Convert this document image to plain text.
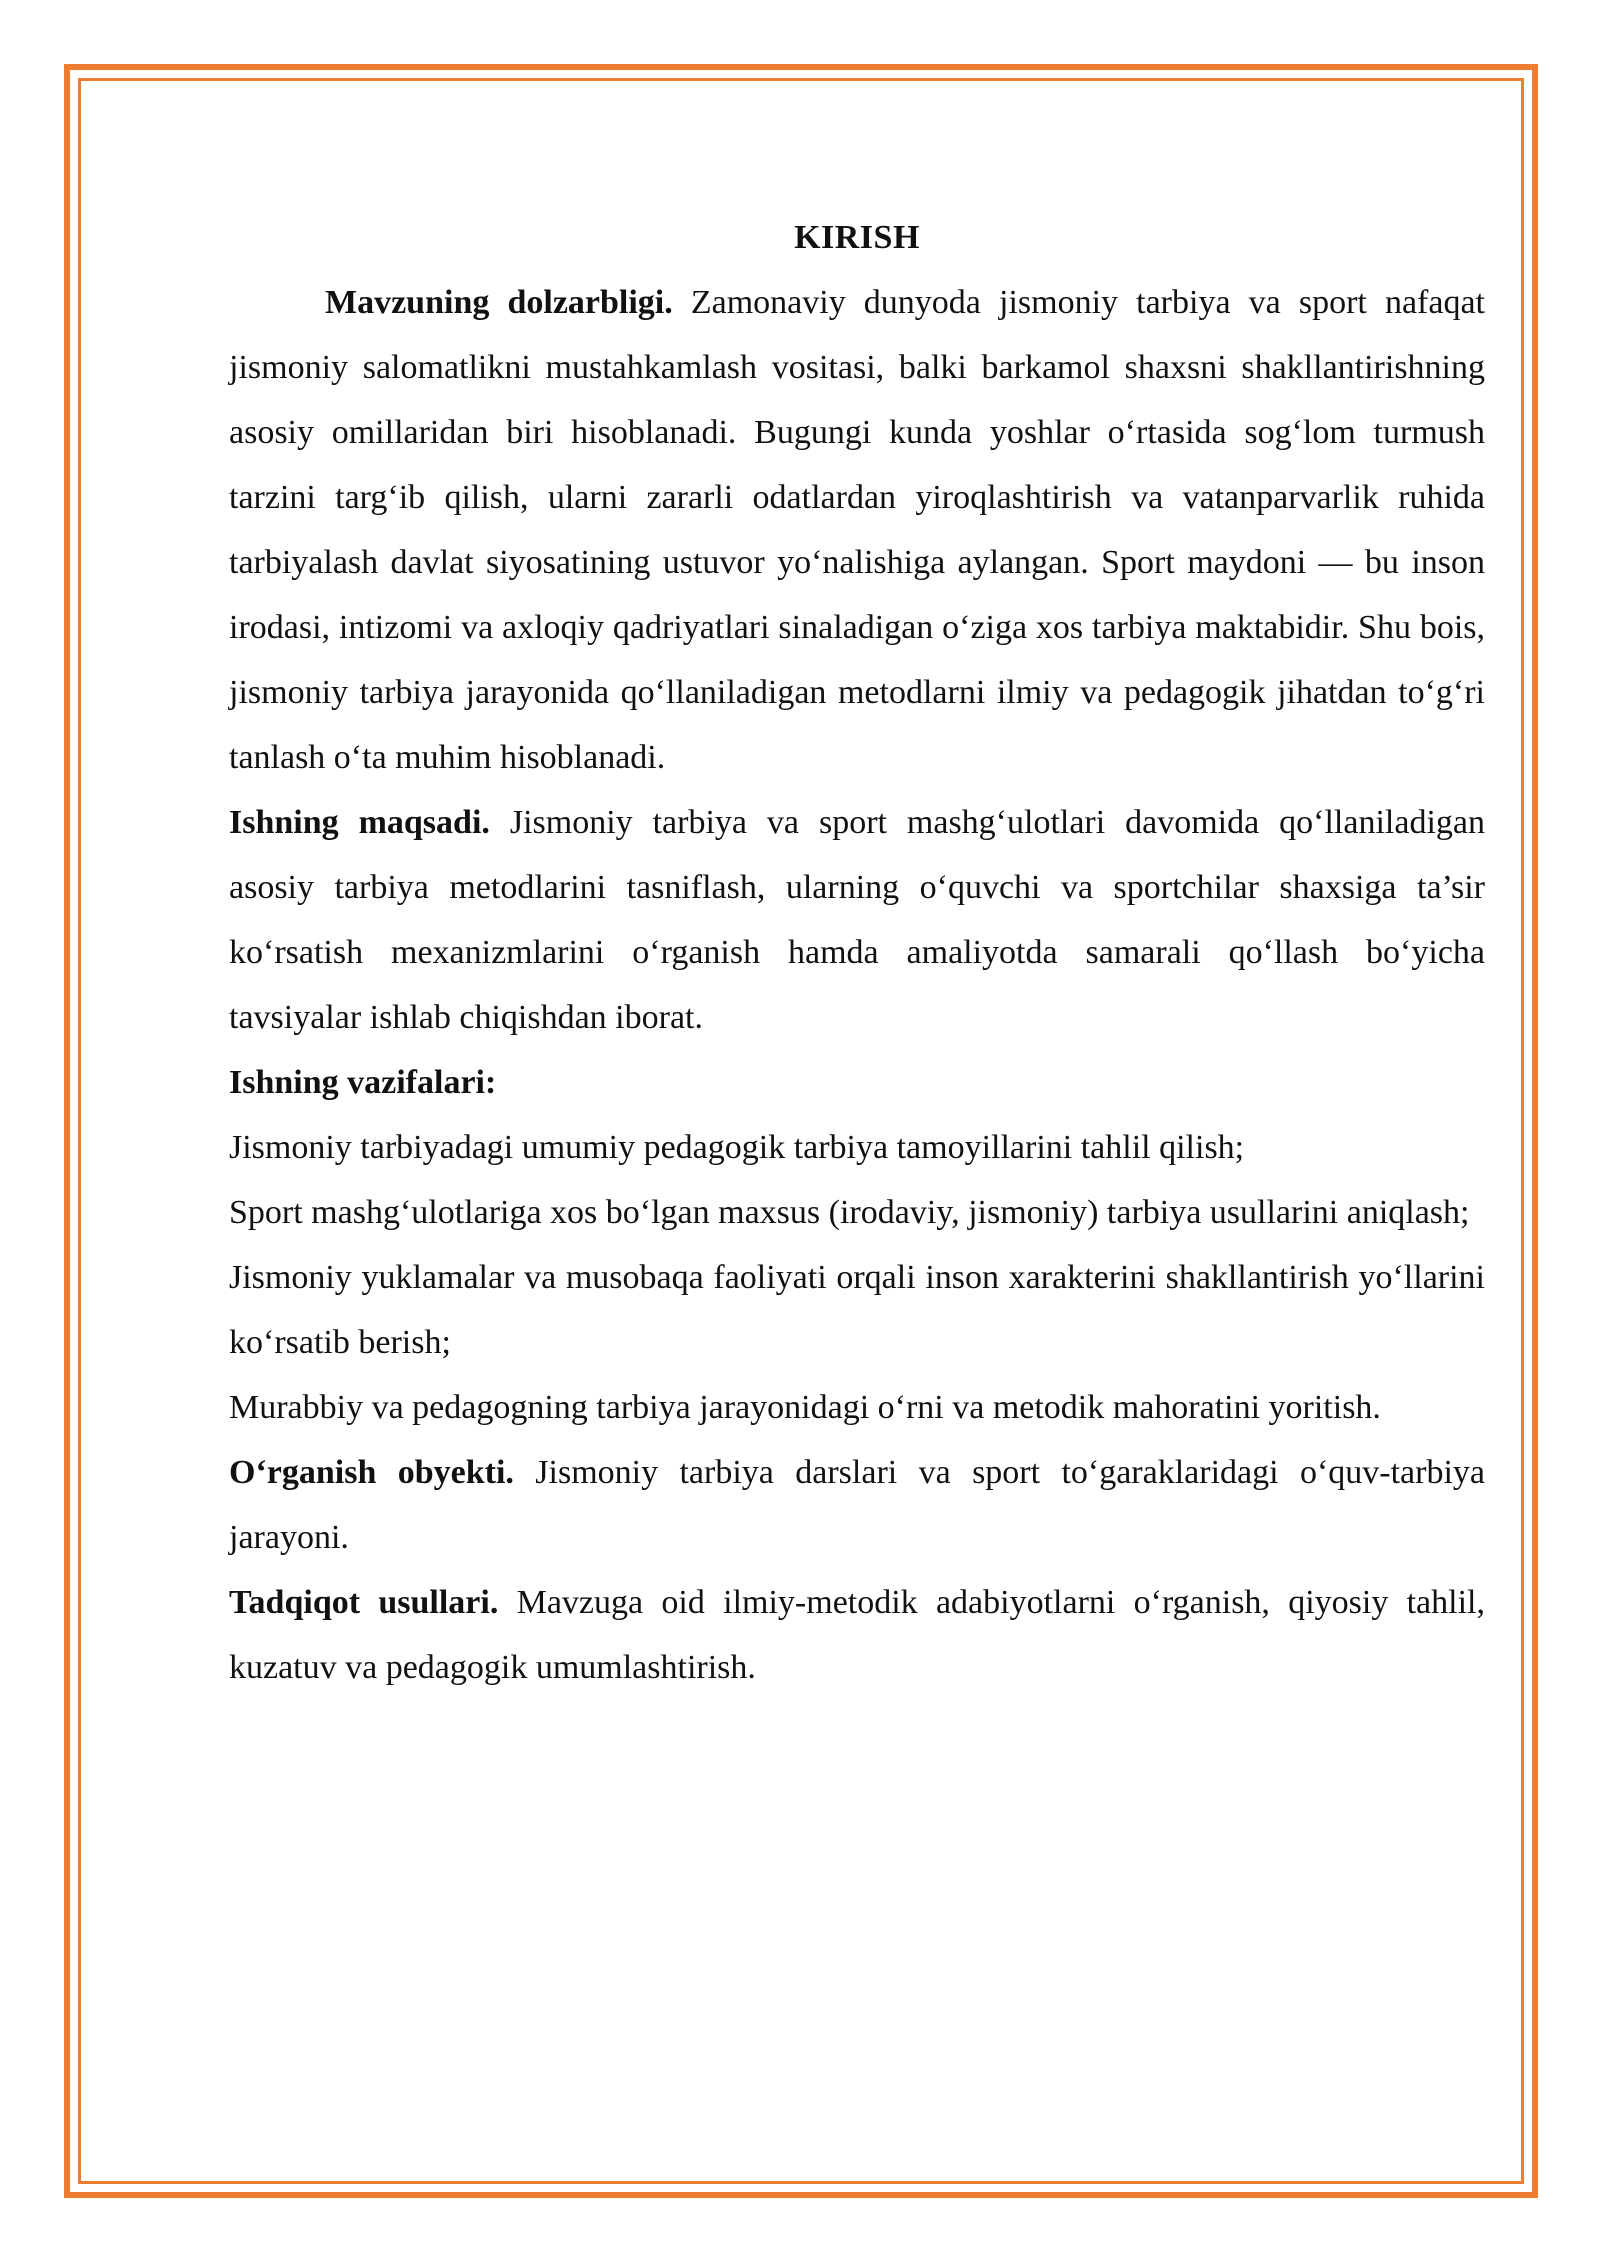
KIRISH

Mavzuning dolzarbligi. Zamonaviy dunyoda jismoniy tarbiya va sport nafaqat jismoniy salomatlikni mustahkamlash vositasi, balki barkamol shaxsni shakllantirishning asosiy omillaridan biri hisoblanadi. Bugungi kunda yoshlar o‘rtasida sog‘lom turmush tarzini targ‘ib qilish, ularni zararli odatlardan yiroqlashtirish va vatanparvarlik ruhida tarbiyalash davlat siyosatining ustuvor yo‘nalishiga aylangan. Sport maydoni — bu inson irodasi, intizomi va axloqiy qadriyatlari sinaladigan o‘ziga xos tarbiya maktabidir. Shu bois, jismoniy tarbiya jarayonida qo‘llaniladigan metodlarni ilmiy va pedagogik jihatdan to‘g‘ri tanlash o‘ta muhim hisoblanadi.

Ishning maqsadi. Jismoniy tarbiya va sport mashg‘ulotlari davomida qo‘llaniladigan asosiy tarbiya metodlarini tasniflash, ularning o‘quvchi va sportchilar shaxsiga ta’sir ko‘rsatish mexanizmlarini o‘rganish hamda amaliyotda samarali qo‘llash bo‘yicha tavsiyalar ishlab chiqishdan iborat.

Ishning vazifalari:

Jismoniy tarbiyadagi umumiy pedagogik tarbiya tamoyillarini tahlil qilish;

Sport mashg‘ulotlariga xos bo‘lgan maxsus (irodaviy, jismoniy) tarbiya usullarini aniqlash;

Jismoniy yuklamalar va musobaqa faoliyati orqali inson xarakterini shakllantirish yo‘llarini ko‘rsatib berish;

Murabbiy va pedagogning tarbiya jarayonidagi o‘rni va metodik mahoratini yoritish.

O‘rganish obyekti. Jismoniy tarbiya darslari va sport to‘garaklaridagi o‘quv-tarbiya jarayoni.

Tadqiqot usullari. Mavzuga oid ilmiy-metodik adabiyotlarni o‘rganish, qiyosiy tahlil, kuzatuv va pedagogik umumlashtirish.
